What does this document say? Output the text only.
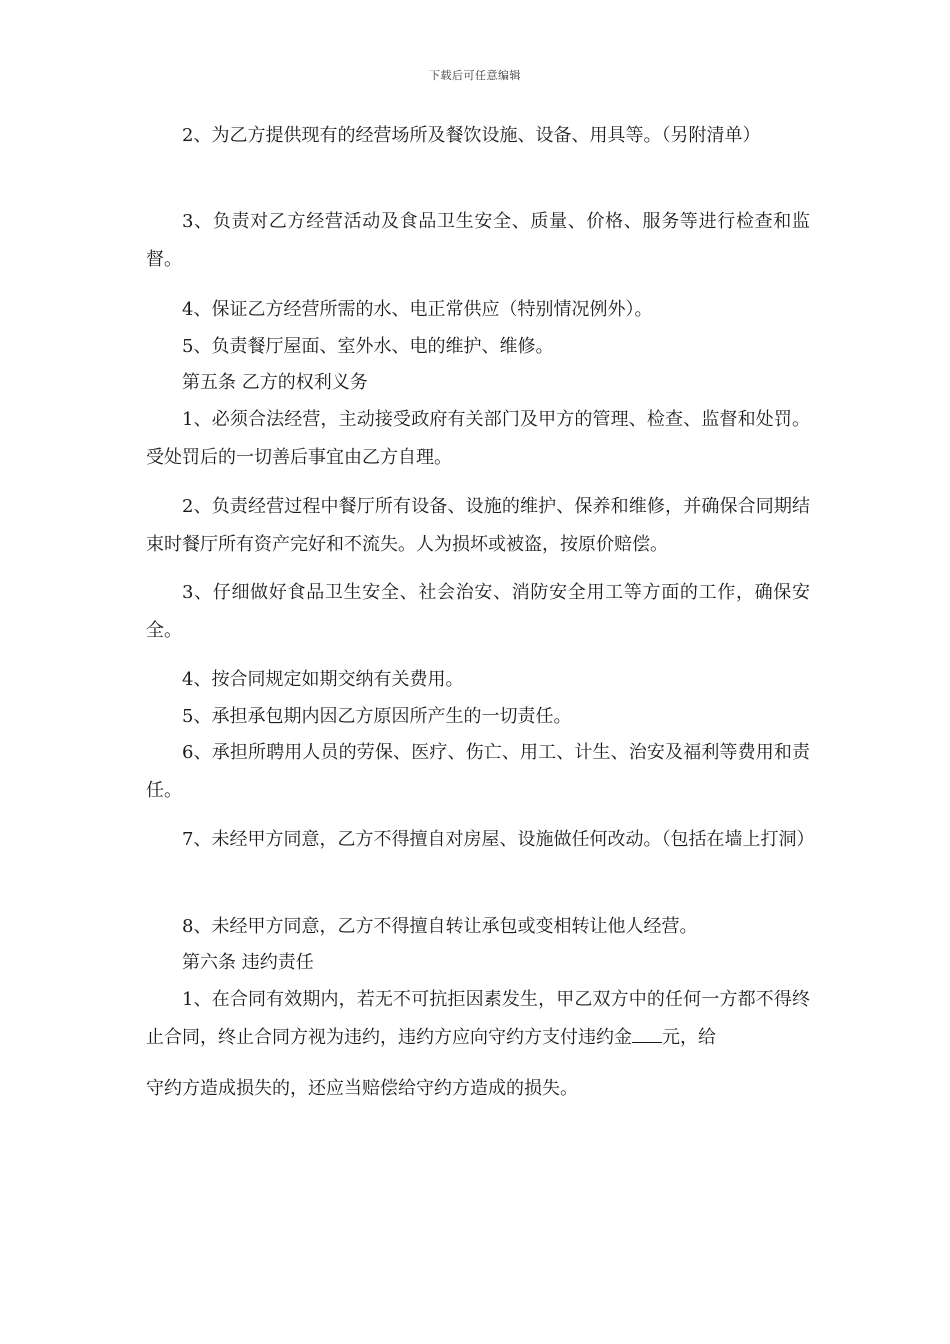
下载后可任意编辑
2、为乙方提供现有的经营场所及餐饮设施、设备、用具等。（另附清单）
3、负责对乙方经营活动及食品卫生安全、质量、价格、服务等进行检查和监督。
4、保证乙方经营所需的水、电正常供应（特别情况例外）。
5、负责餐厅屋面、室外水、电的维护、维修。
第五条 乙方的权利义务
1、必须合法经营，主动接受政府有关部门及甲方的管理、检查、监督和处罚。受处罚后的一切善后事宜由乙方自理。
2、负责经营过程中餐厅所有设备、设施的维护、保养和维修，并确保合同期结束时餐厅所有资产完好和不流失。人为损坏或被盗，按原价赔偿。
3、仔细做好食品卫生安全、社会治安、消防安全用工等方面的工作，确保安全。
4、按合同规定如期交纳有关费用。
5、承担承包期内因乙方原因所产生的一切责任。
6、承担所聘用人员的劳保、医疗、伤亡、用工、计生、治安及福利等费用和责任。
7、未经甲方同意，乙方不得擅自对房屋、设施做任何改动。（包括在墙上打洞）
8、未经甲方同意，乙方不得擅自转让承包或变相转让他人经营。
第六条 违约责任
1、在合同有效期内，若无不可抗拒因素发生，甲乙双方中的任何一方都不得终止合同，终止合同方视为违约，违约方应向守约方支付违约金 元，给
守约方造成损失的，还应当赔偿给守约方造成的损失。
